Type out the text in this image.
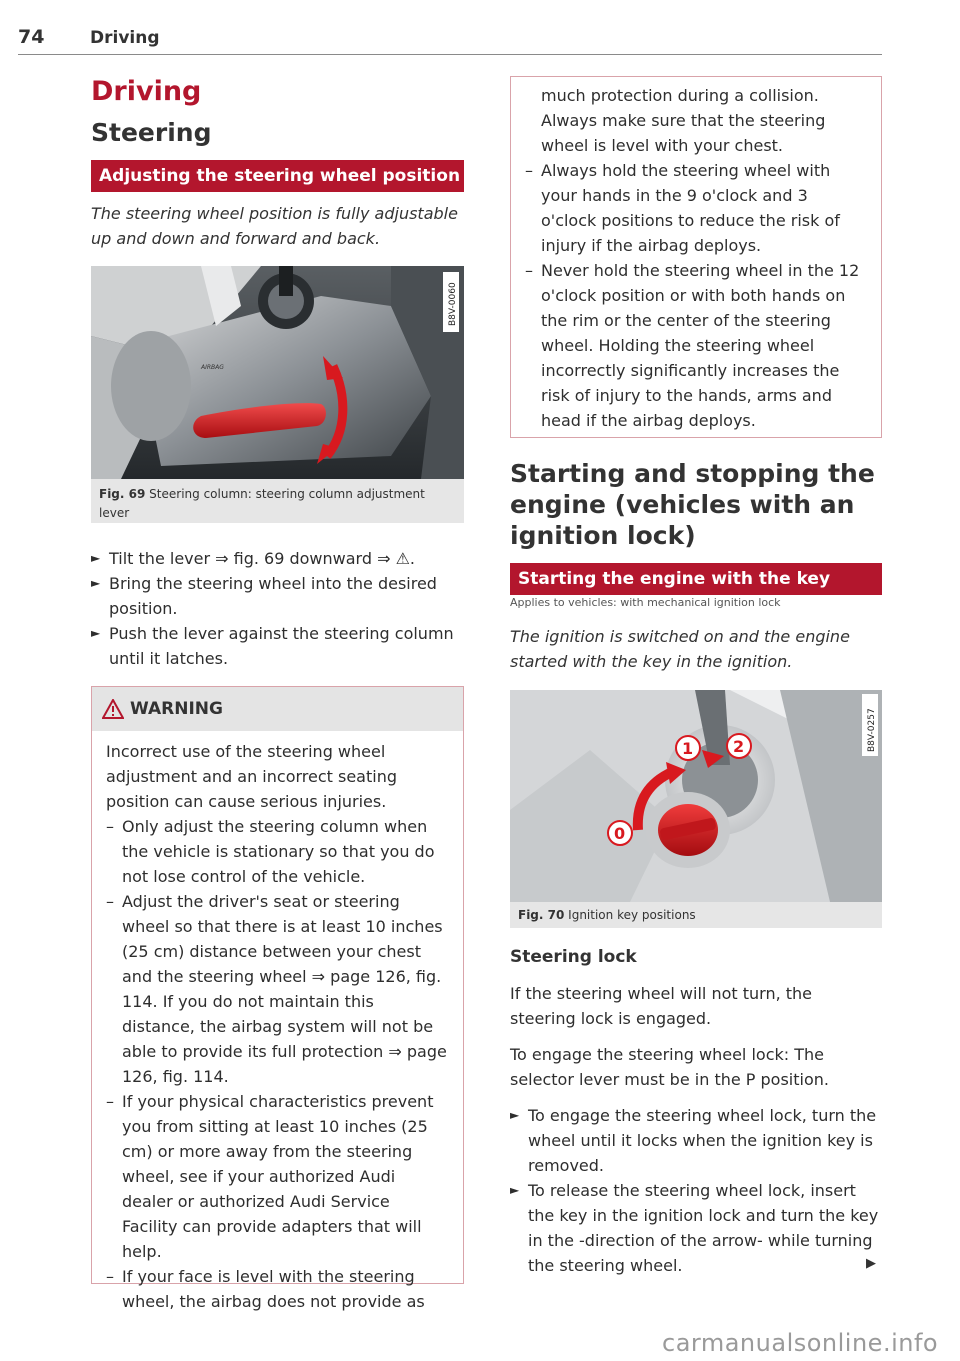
74	Driving
Driving
Steering
Adjusting the steering wheel position
The steering wheel position is fully adjustable up and down and forward and back.
AIRBAG
B8V-0060
Fig. 69 Steering column: steering column adjustment lever
► Tilt the lever ⇒ fig. 69 downward ⇒ ⚠.
► Bring the steering wheel into the desired position.
► Push the lever against the steering column until it latches.
WARNING
Incorrect use of the steering wheel adjustment and an incorrect seating position can cause serious injuries.
– Only adjust the steering column when the vehicle is stationary so that you do not lose control of the vehicle.
– Adjust the driver's seat or steering wheel so that there is at least 10 inches (25 cm) distance between your chest and the steering wheel ⇒ page 126, fig. 114. If you do not maintain this distance, the airbag system will not be able to provide its full protection ⇒ page 126, fig. 114.
– If your physical characteristics prevent you from sitting at least 10 inches (25 cm) or more away from the steering wheel, see if your authorized Audi dealer or authorized Audi Service Facility can provide adapters that will help.
– If your face is level with the steering wheel, the airbag does not provide as
much protection during a collision. Always make sure that the steering wheel is level with your chest.
– Always hold the steering wheel with your hands in the 9 o'clock and 3 o'clock positions to reduce the risk of injury if the airbag deploys.
– Never hold the steering wheel in the 12 o'clock position or with both hands on the rim or the center of the steering wheel. Holding the steering wheel incorrectly significantly increases the risk of injury to the hands, arms and head if the airbag deploys.
Starting and stopping the engine (vehicles with an ignition lock)
Starting the engine with the key
Applies to vehicles: with mechanical ignition lock
The ignition is switched on and the engine started with the key in the ignition.
1 2
0
B8V-0257
Fig. 70 Ignition key positions
Steering lock
If the steering wheel will not turn, the steering lock is engaged.
To engage the steering wheel lock: The selector lever must be in the P position.
► To engage the steering wheel lock, turn the wheel until it locks when the ignition key is removed.
► To release the steering wheel lock, insert the key in the ignition lock and turn the key in the -direction of the arrow- while turning the steering wheel.	▶
carmanualsonline.info
